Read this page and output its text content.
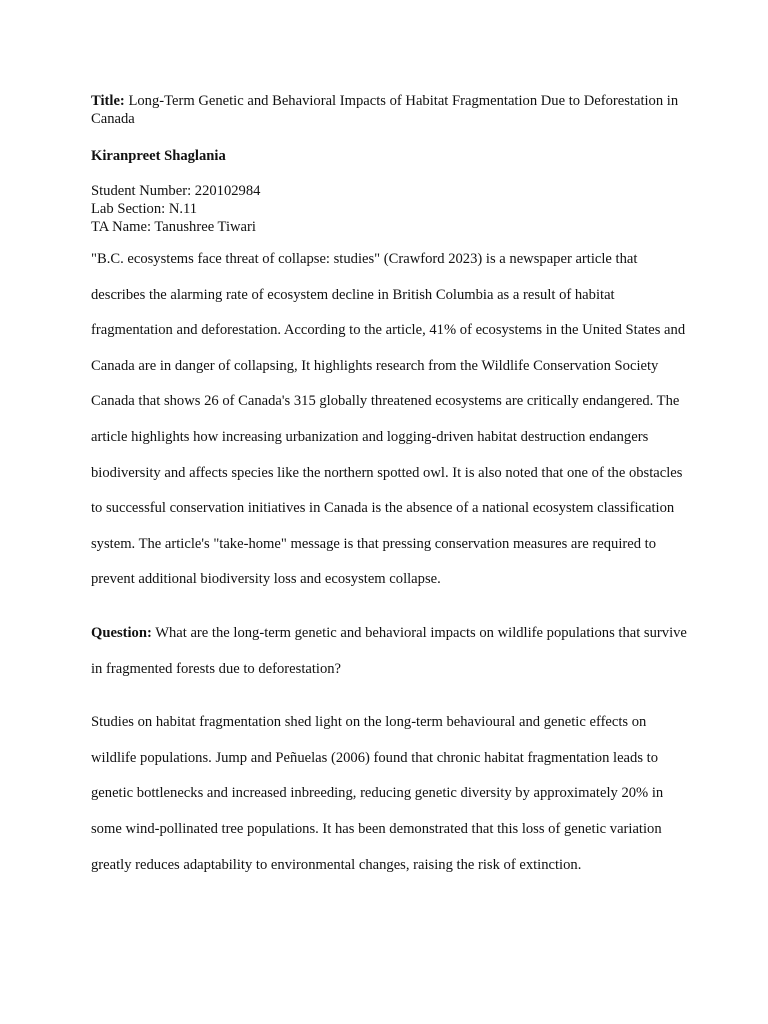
Title: Long-Term Genetic and Behavioral Impacts of Habitat Fragmentation Due to Deforestation in Canada

Kiranpreet Shaglania
Student Number: 220102984
Lab Section: N.11
TA Name: Tanushree Tiwari

"B.C. ecosystems face threat of collapse: studies" (Crawford 2023) is a newspaper article that describes the alarming rate of ecosystem decline in British Columbia as a result of habitat fragmentation and deforestation. According to the article, 41% of ecosystems in the United States and Canada are in danger of collapsing, It highlights research from the Wildlife Conservation Society Canada that shows 26 of Canada's 315 globally threatened ecosystems are critically endangered. The article highlights how increasing urbanization and logging-driven habitat destruction endangers biodiversity and affects species like the northern spotted owl. It is also noted that one of the obstacles to successful conservation initiatives in Canada is the absence of a national ecosystem classification system. The article's "take-home" message is that pressing conservation measures are required to prevent additional biodiversity loss and ecosystem collapse.

Question: What are the long-term genetic and behavioral impacts on wildlife populations that survive in fragmented forests due to deforestation?

Studies on habitat fragmentation shed light on the long-term behavioural and genetic effects on wildlife populations. Jump and Peñuelas (2006) found that chronic habitat fragmentation leads to genetic bottlenecks and increased inbreeding, reducing genetic diversity by approximately 20% in some wind-pollinated tree populations. It has been demonstrated that this loss of genetic variation greatly reduces adaptability to environmental changes, raising the risk of extinction.
